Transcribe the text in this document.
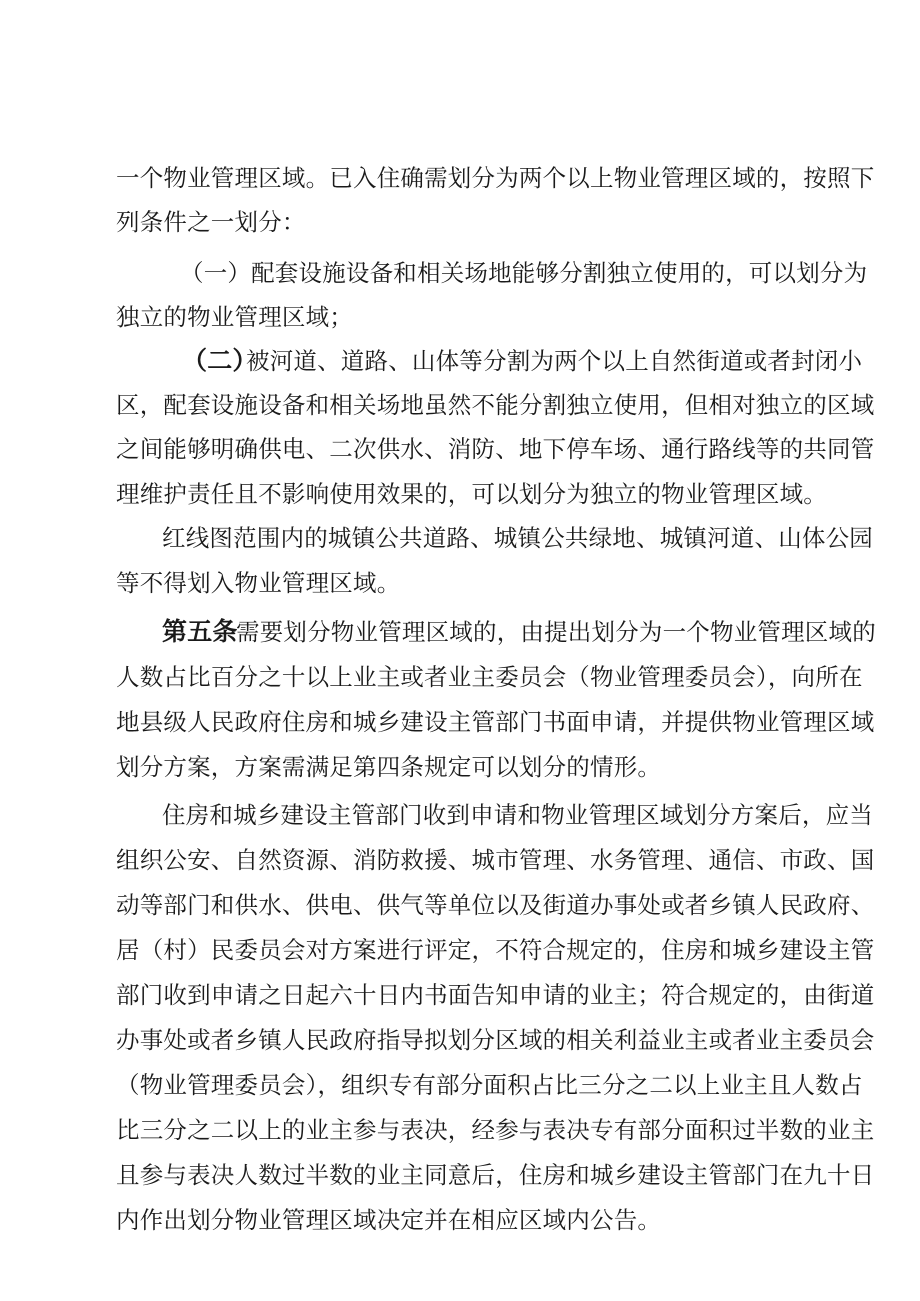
一个物业管理区域。已入住确需划分为两个以上物业管理区域的，按照下
列条件之一划分：
（一）配套设施设备和相关场地能够分割独立使用的，可以划分为
独立的物业管理区域；
（二）
被河道、道路、山体等分割为两个以上自然街道或者封闭小
区，配套设施设备和相关场地虽然不能分割独立使用，但相对独立的区域
之间能够明确供电、二次供水、消防、地下停车场、通行路线等的共同管
理维护责任且不影响使用效果的，可以划分为独立的物业管理区域。
红线图范围内的城镇公共道路、城镇公共绿地、城镇河道、山体公园
等不得划入物业管理区域。
第五条
需要划分物业管理区域的，由提出划分为一个物业管理区域的
人数占比百分之十以上业主或者业主委员会（物业管理委员会），向所在
地县级人民政府住房和城乡建设主管部门书面申请，并提供物业管理区域
划分方案，方案需满足第四条规定可以划分的情形。
住房和城乡建设主管部门收到申请和物业管理区域划分方案后，应当
组织公安、自然资源、消防救援、城市管理、水务管理、通信、市政、国
动等部门和供水、供电、供气等单位以及街道办事处或者乡镇人民政府、
居（村）民委员会对方案进行评定，不符合规定的，住房和城乡建设主管
部门收到申请之日起六十日内书面告知申请的业主；符合规定的，由街道
办事处或者乡镇人民政府指导拟划分区域的相关利益业主或者业主委员会
（物业管理委员会），组织专有部分面积占比三分之二以上业主且人数占
比三分之二以上的业主参与表决，经参与表决专有部分面积过半数的业主
且参与表决人数过半数的业主同意后，住房和城乡建设主管部门在九十日
内作出划分物业管理区域决定并在相应区域内公告。
